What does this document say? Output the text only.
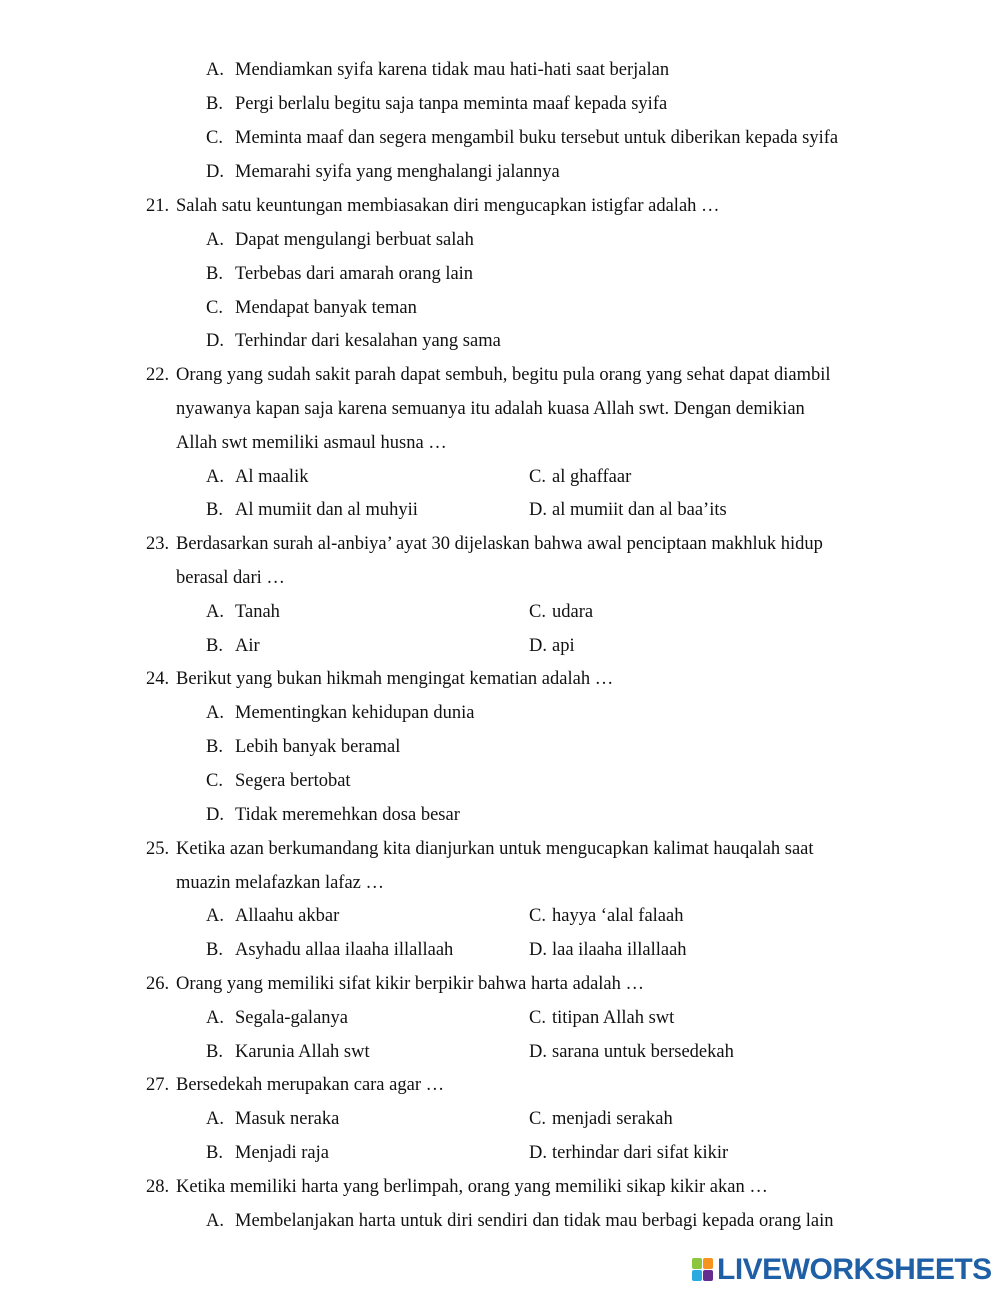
A. Mendiamkan syifa karena tidak mau hati-hati saat berjalan
B. Pergi berlalu begitu saja tanpa meminta maaf kepada syifa
C. Meminta maaf dan segera mengambil buku tersebut untuk diberikan kepada syifa
D. Memarahi syifa yang menghalangi jalannya
21. Salah satu keuntungan membiasakan diri mengucapkan istigfar adalah …
A. Dapat mengulangi berbuat salah
B. Terbebas dari amarah orang lain
C. Mendapat banyak teman
D. Terhindar dari kesalahan yang sama
22. Orang yang sudah sakit parah dapat sembuh, begitu pula orang yang sehat dapat diambil
nyawanya kapan saja karena semuanya itu adalah kuasa Allah swt. Dengan demikian
Allah swt memiliki asmaul husna …
A. Al maalik	C. al ghaffaar
B. Al mumiit dan al muhyii	D. al mumiit dan al baa’its
23. Berdasarkan surah al-anbiya’ ayat 30 dijelaskan bahwa awal penciptaan makhluk hidup
berasal dari …
A. Tanah	C. udara
B. Air	D. api
24. Berikut yang bukan hikmah mengingat kematian adalah …
A. Mementingkan kehidupan dunia
B. Lebih banyak beramal
C. Segera bertobat
D. Tidak meremehkan dosa besar
25. Ketika azan berkumandang kita dianjurkan untuk mengucapkan kalimat hauqalah saat
muazin melafazkan lafaz …
A. Allaahu akbar	C. hayya ‘alal falaah
B. Asyhadu allaa ilaaha illallaah	D. laa ilaaha illallaah
26. Orang yang memiliki sifat kikir berpikir bahwa harta adalah …
A. Segala-galanya	C. titipan Allah swt
B. Karunia Allah swt	D. sarana untuk bersedekah
27. Bersedekah merupakan cara agar …
A. Masuk neraka	C. menjadi serakah
B. Menjadi raja	D. terhindar dari sifat kikir
28. Ketika memiliki harta yang berlimpah, orang yang memiliki sikap kikir akan …
A. Membelanjakan harta untuk diri sendiri dan tidak mau berbagi kepada orang lain
LIVEWORKSHEETS
